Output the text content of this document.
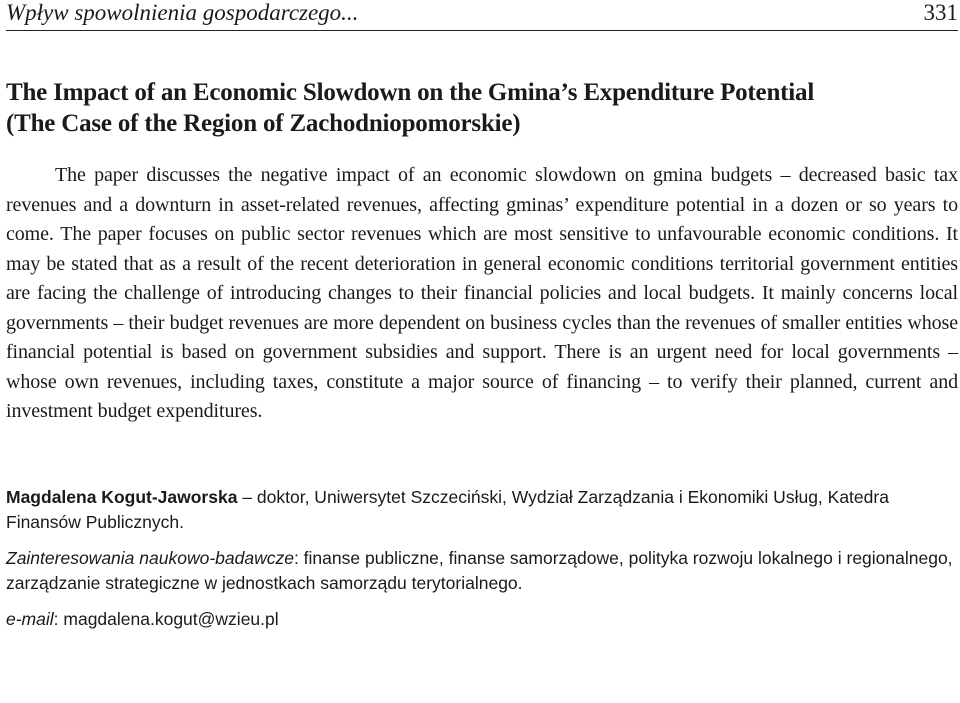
Wpływ spowolnienia gospodarczego...	331
The Impact of an Economic Slowdown on the Gmina’s Expenditure Potential
(The Case of the Region of Zachodniopomorskie)

The paper discusses the negative impact of an economic slowdown on gmina budgets – decreased basic tax revenues and a downturn in asset-related revenues, affecting gminas’ expenditure potential in a dozen or so years to come. The paper focuses on public sector revenues which are most sensitive to unfavourable economic conditions. It may be stated that as a result of the recent deterioration in general economic conditions territorial government entities are facing the challenge of introducing changes to their financial policies and local budgets. It mainly concerns local governments – their budget revenues are more dependent on business cycles than the revenues of smaller entities whose financial potential is based on government subsidies and support. There is an urgent need for local governments – whose own revenues, including taxes, constitute a major source of financing – to verify their planned, current and investment budget expenditures.

Magdalena Kogut-Jaworska – doktor, Uniwersytet Szczeciński, Wydział Zarządzania i Ekonomiki Usług, Katedra Finansów Publicznych.

Zainteresowania naukowo-badawcze: finanse publiczne, finanse samorządowe, polityka rozwoju lokalnego i regionalnego, zarządzanie strategiczne w jednostkach samorządu terytorialnego.

e-mail: magdalena.kogut@wzieu.pl
